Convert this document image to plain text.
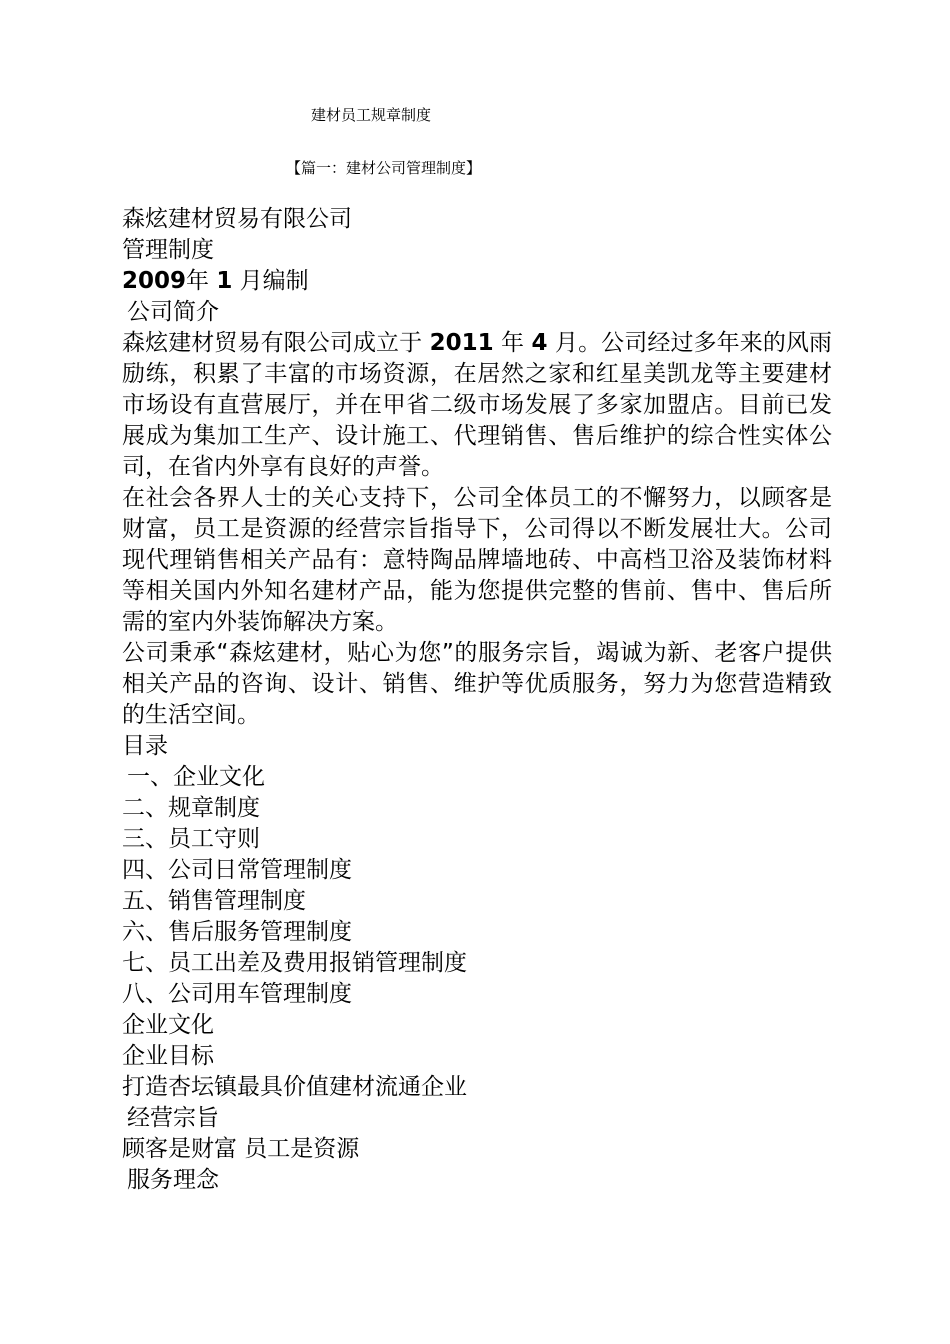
建材员工规章制度
【篇一：建材公司管理制度】
森炫建材贸易有限公司
管理制度
2009年 1 月编制
公司简介
森炫建材贸易有限公司成立于 2011 年 4 月。公司经过多年来的风雨励练，积累了丰富的市场资源，在居然之家和红星美凯龙等主要建材市场设有直营展厅，并在甲省二级市场发展了多家加盟店。目前已发展成为集加工生产、设计施工、代理销售、售后维护的综合性实体公司，在省内外享有良好的声誉。
在社会各界人士的关心支持下，公司全体员工的不懈努力，以顾客是财富，员工是资源的经营宗旨指导下，公司得以不断发展壮大。公司现代理销售相关产品有：意特陶品牌墙地砖、中高档卫浴及装饰材料等相关国内外知名建材产品，能为您提供完整的售前、售中、售后所需的室内外装饰解决方案。
公司秉承“森炫建材，贴心为您”的服务宗旨，竭诚为新、老客户提供相关产品的咨询、设计、销售、维护等优质服务，努力为您营造精致的生活空间。
目录
一、企业文化
二、规章制度
三、员工守则
四、公司日常管理制度
五、销售管理制度
六、售后服务管理制度
七、员工出差及费用报销管理制度
八、公司用车管理制度
企业文化
企业目标
打造杏坛镇最具价值建材流通企业
经营宗旨
顾客是财富 员工是资源
服务理念
